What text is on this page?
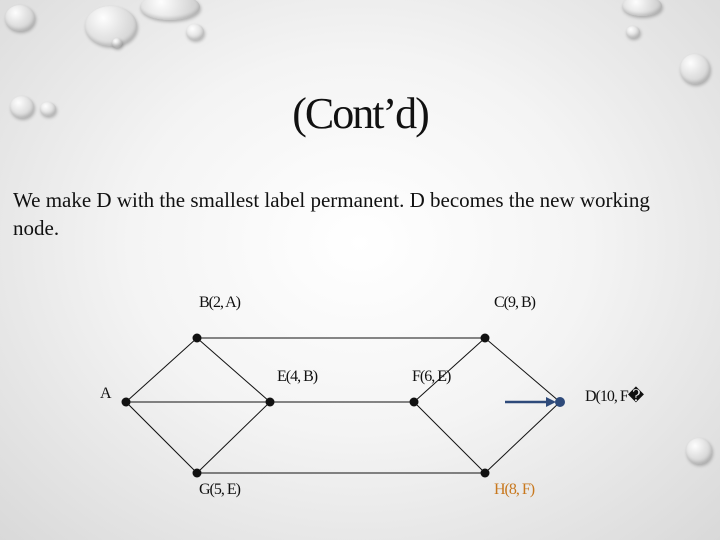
(Cont’d)

We make D with the smallest label permanent. D becomes the new working node.

B(2, A)	C(9, B)
E(4, B)	F(6, E)
A	D(10, F�
G(5, E)	H(8, F)
